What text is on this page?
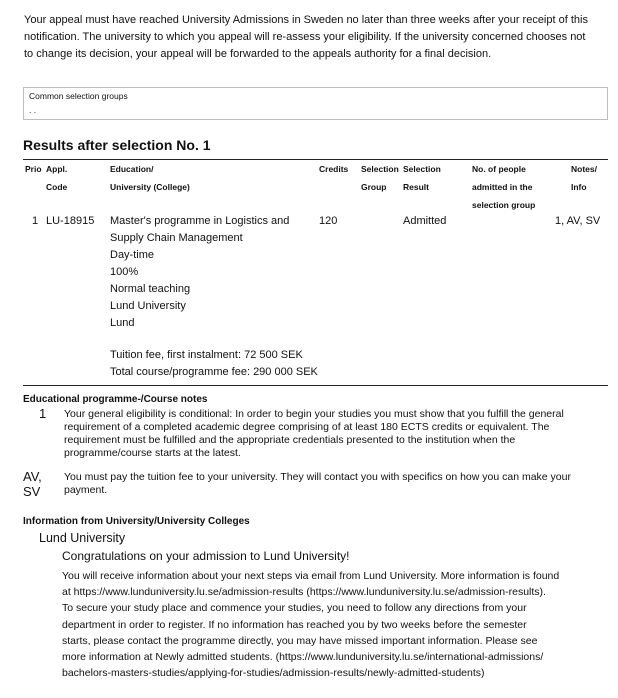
Your appeal must have reached University Admissions in Sweden no later than three weeks after your receipt of this notification. The university to which you appeal will re-assess your eligibility. If the university concerned chooses not to change its decision, your appeal will be forwarded to the appeals authority for a final decision.
Common selection groups
. .
Results after selection No. 1
Prio Appl.
Code
Education/
University (College)
Credits Selection
Group
Selection
Result
No. of people
admitted in the
selection group
Notes/
Info
1 LU-18915 Master's programme in Logistics and
Supply Chain Management
Day-time
100%
Normal teaching
Lund University
Lund
Tuition fee, first instalment: 72 500 SEK
Total course/programme fee: 290 000 SEK
120	Admitted	1, AV, SV
Educational programme-/Course notes
1 Your general eligibility is conditional: In order to begin your studies you must show that you fulfill the general requirement of a completed academic degree comprising of at least 180 ECTS credits or equivalent. The requirement must be fulfilled and the appropriate credentials presented to the institution when the programme/course starts at the latest.
AV,
SV
You must pay the tuition fee to your university. They will contact you with specifics on how you can make your payment.
Information from University/University Colleges
Lund University
Congratulations on your admission to Lund University!
You will receive information about your next steps via email from Lund University. More information is found
at https://www.lunduniversity.lu.se/admission-results (https://www.lunduniversity.lu.se/admission-results).
To secure your study place and commence your studies, you need to follow any directions from your
department in order to register. If no information has reached you by two weeks before the semester
starts, please contact the programme directly, you may have missed important information. Please see
more information at Newly admitted students. (https://www.lunduniversity.lu.se/international-admissions/
bachelors-masters-studies/applying-for-studies/admission-results/newly-admitted-students)
